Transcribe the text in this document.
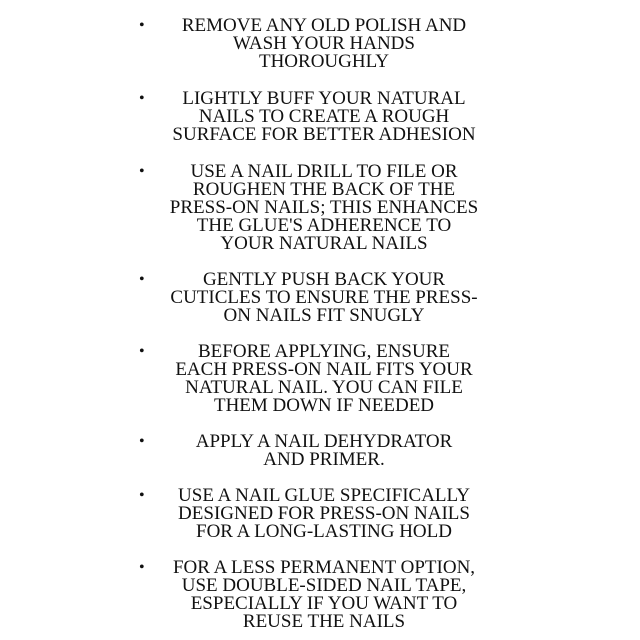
•	REMOVE ANY OLD POLISH AND
WASH YOUR HANDS
THOROUGHLY
•	LIGHTLY BUFF YOUR NATURAL
NAILS TO CREATE A ROUGH
SURFACE FOR BETTER ADHESION
•	USE A NAIL DRILL TO FILE OR
ROUGHEN THE BACK OF THE
PRESS-ON NAILS; THIS ENHANCES
THE GLUE'S ADHERENCE TO
YOUR NATURAL NAILS
•	GENTLY PUSH BACK YOUR
CUTICLES TO ENSURE THE PRESS-
ON NAILS FIT SNUGLY
•	BEFORE APPLYING, ENSURE
EACH PRESS-ON NAIL FITS YOUR
NATURAL NAIL. YOU CAN FILE
THEM DOWN IF NEEDED
•	APPLY A NAIL DEHYDRATOR
AND PRIMER.
•	USE A NAIL GLUE SPECIFICALLY
DESIGNED FOR PRESS-ON NAILS
FOR A LONG-LASTING HOLD
•	FOR A LESS PERMANENT OPTION,
USE DOUBLE-SIDED NAIL TAPE,
ESPECIALLY IF YOU WANT TO
REUSE THE NAILS
